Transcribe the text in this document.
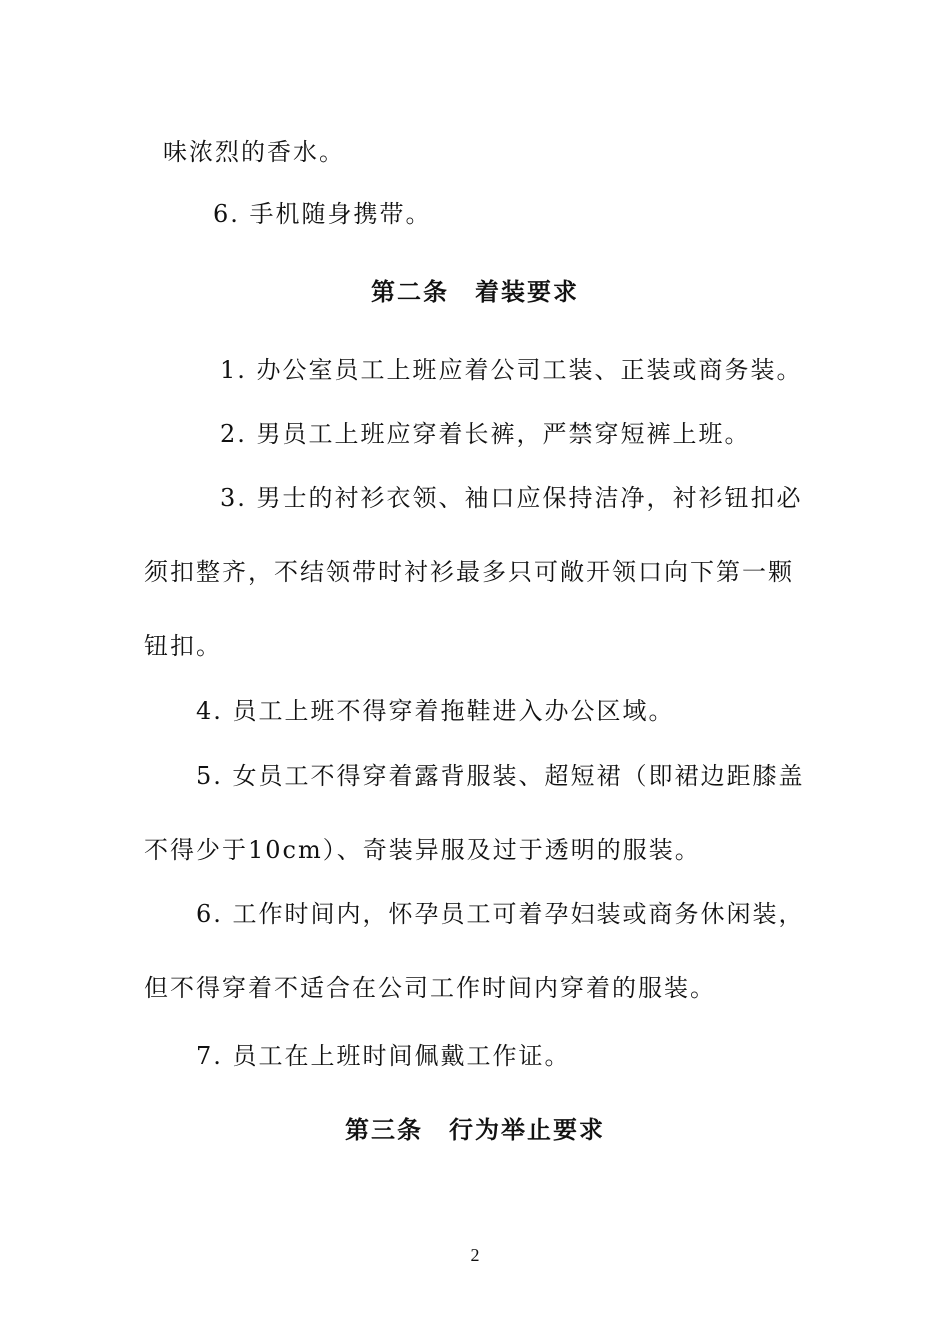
味浓烈的香水。
6. 手机随身携带。
第二条　着装要求
1. 办公室员工上班应着公司工装、正装或商务装。
2. 男员工上班应穿着长裤，严禁穿短裤上班。
3. 男士的衬衫衣领、袖口应保持洁净，衬衫钮扣必
须扣整齐，不结领带时衬衫最多只可敞开领口向下第一颗
钮扣。
4. 员工上班不得穿着拖鞋进入办公区域。
5. 女员工不得穿着露背服装、超短裙（即裙边距膝盖
不得少于10cm）、奇装异服及过于透明的服装。
6. 工作时间内，怀孕员工可着孕妇装或商务休闲装，
但不得穿着不适合在公司工作时间内穿着的服装。
7. 员工在上班时间佩戴工作证。
第三条　行为举止要求
2
